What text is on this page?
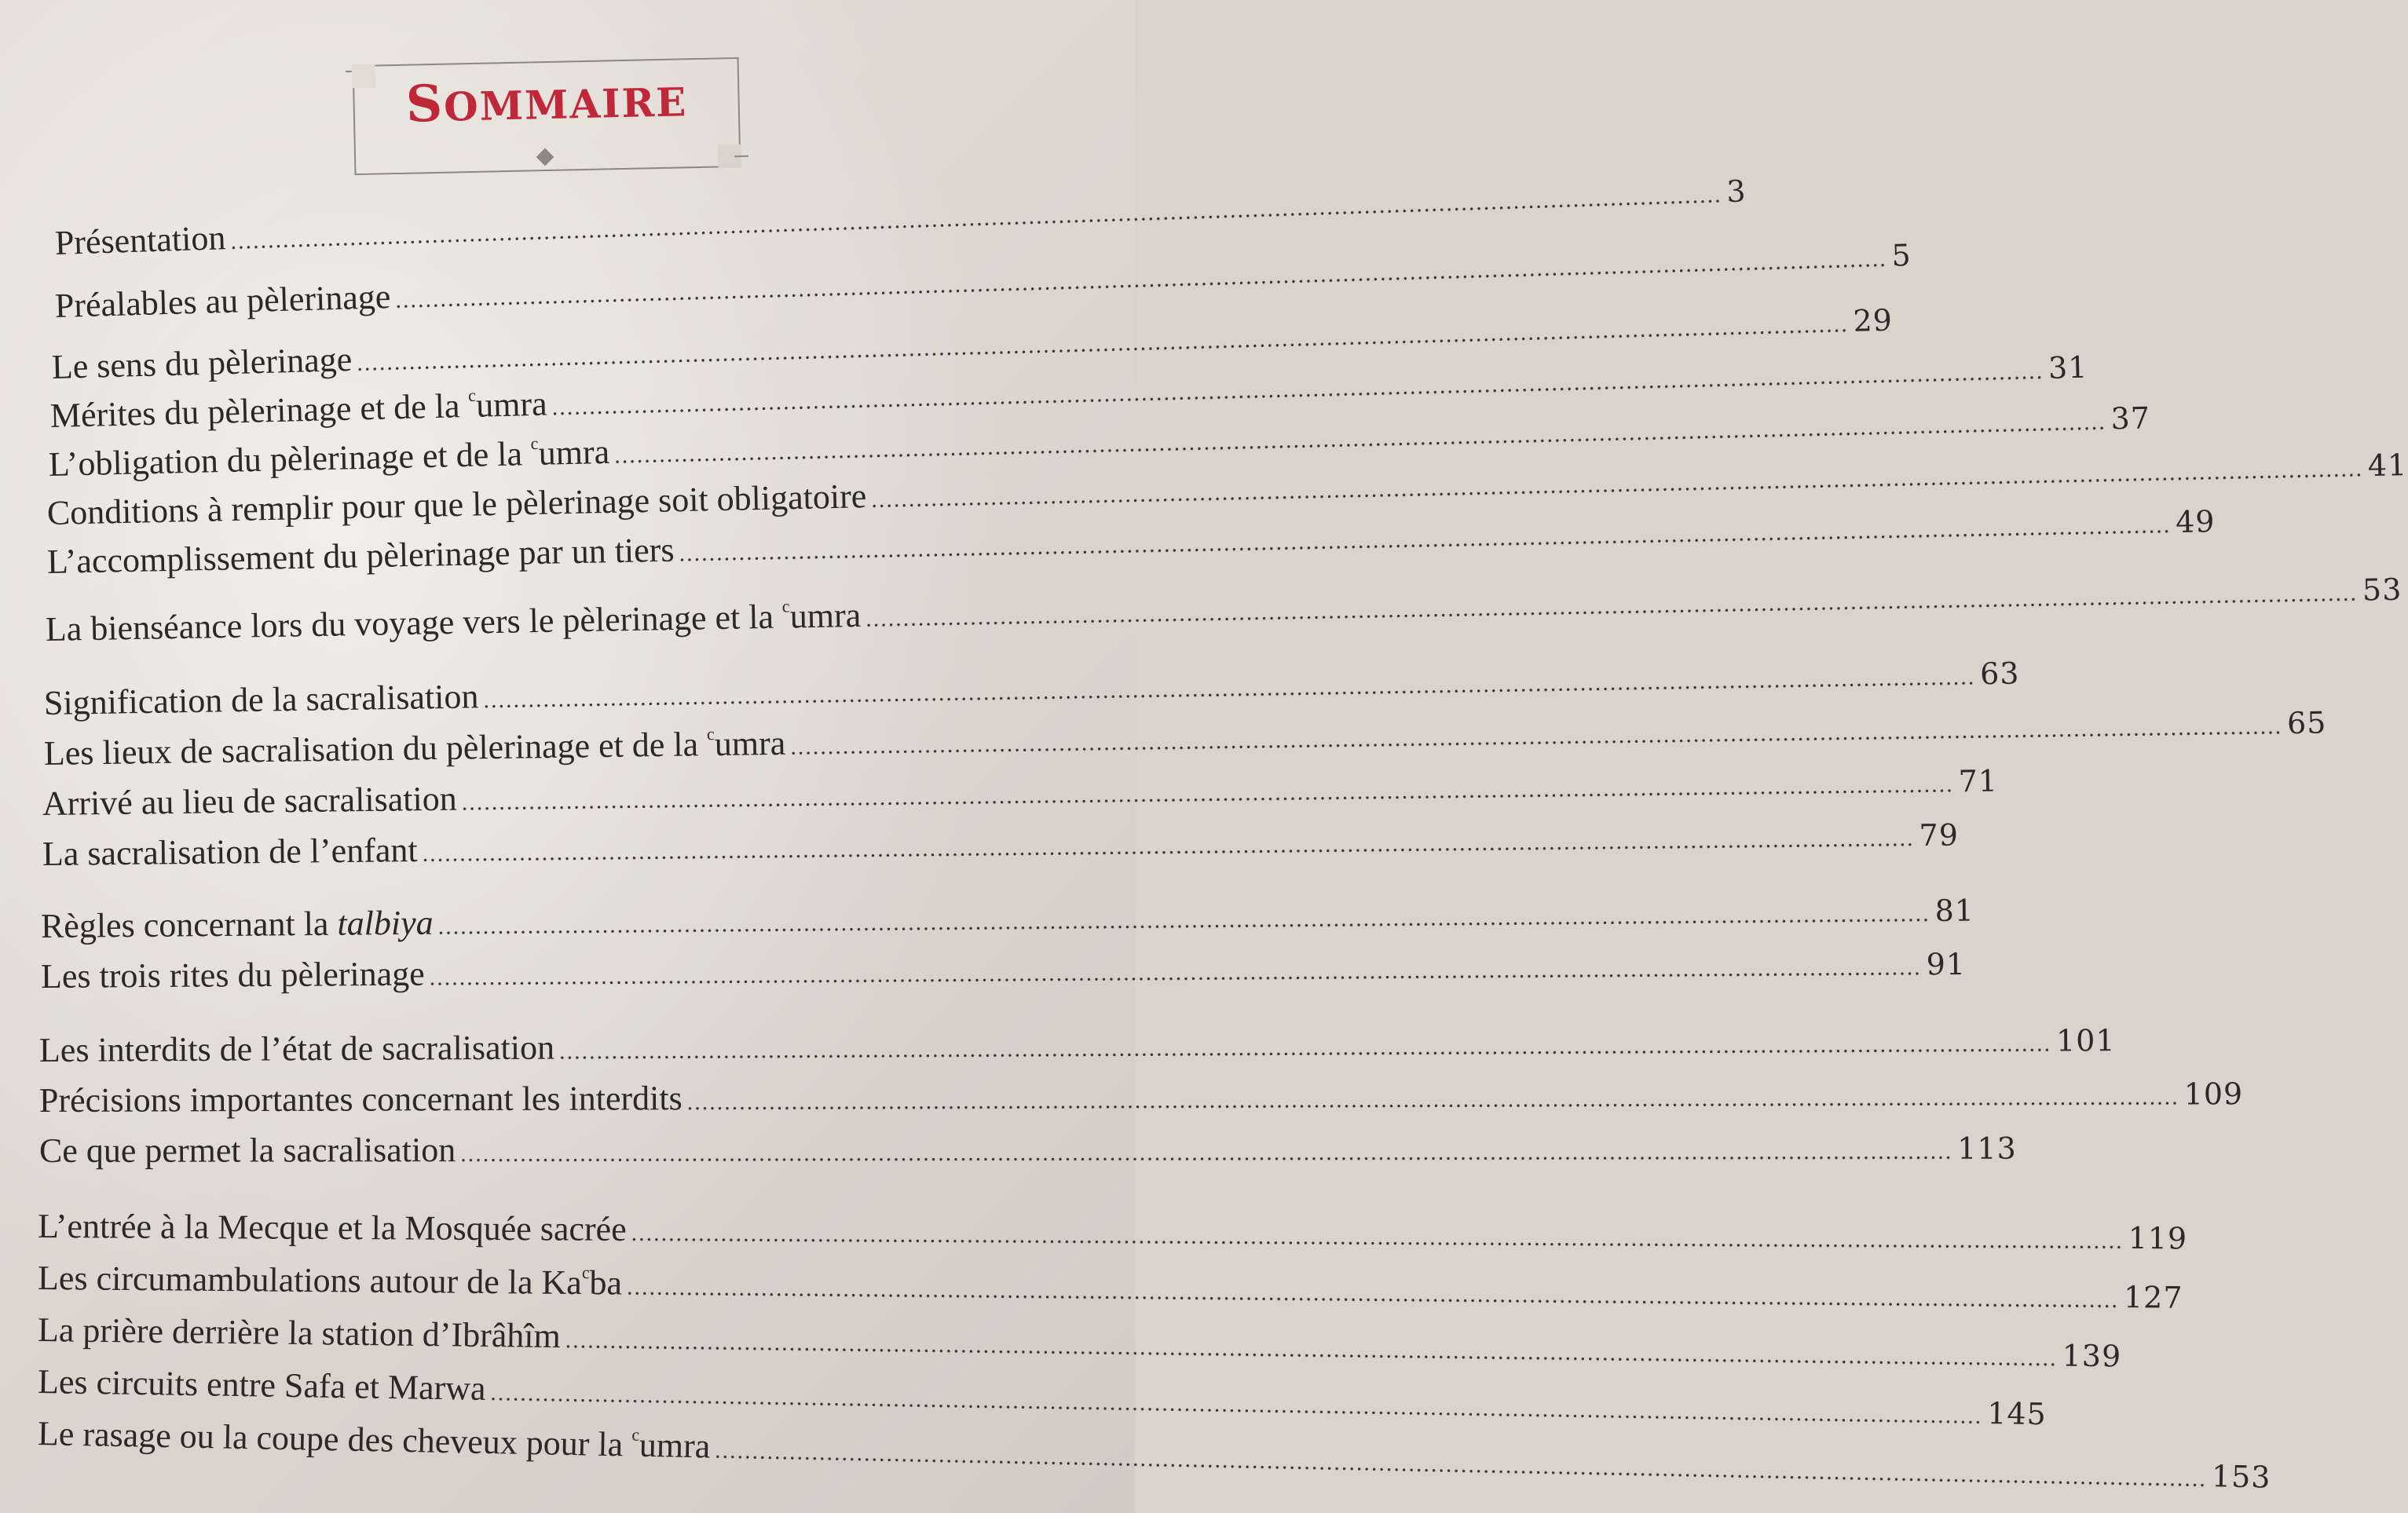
SOMMAIRE
Présentation ........................................................................................................................................................................................................ 3
Préalables au pèlerinage ........................................................................................................................................................................................................ 5
Le sens du pèlerinage ........................................................................................................................................................................................................ 29
Mérites du pèlerinage et de la $^c$umra ........................................................................................................................................................................................................ 31
L’obligation du pèlerinage et de la $^c$umra ........................................................................................................................................................................................................ 37
Conditions à remplir pour que le pèlerinage soit obligatoire ........................................................................................................................................................................................................ 41
L’accomplissement du pèlerinage par un tiers ........................................................................................................................................................................................................ 49
La bienséance lors du voyage vers le pèlerinage et la $^c$umra ........................................................................................................................................................................................................ 53
Signification de la sacralisation ........................................................................................................................................................................................................ 63
Les lieux de sacralisation du pèlerinage et de la $^c$umra ........................................................................................................................................................................................................ 65
Arrivé au lieu de sacralisation ........................................................................................................................................................................................................ 71
La sacralisation de l’enfant ........................................................................................................................................................................................................ 79
Règles concernant la talbiya ........................................................................................................................................................................................................ 81
Les trois rites du pèlerinage ........................................................................................................................................................................................................ 91
Les interdits de l’état de sacralisation ........................................................................................................................................................................................................ 101
Précisions importantes concernant les interdits ........................................................................................................................................................................................................ 109
Ce que permet la sacralisation ........................................................................................................................................................................................................ 113
L’entrée à la Mecque et la Mosquée sacrée ........................................................................................................................................................................................................ 119
Les circumambulations autour de la Ka$^c$ba ........................................................................................................................................................................................................ 127
La prière derrière la station d’Ibrâhîm ........................................................................................................................................................................................................ 139
Les circuits entre Safa et Marwa ........................................................................................................................................................................................................ 145
Le rasage ou la coupe des cheveux pour la $^c$umra ........................................................................................................................................................................................................ 153
